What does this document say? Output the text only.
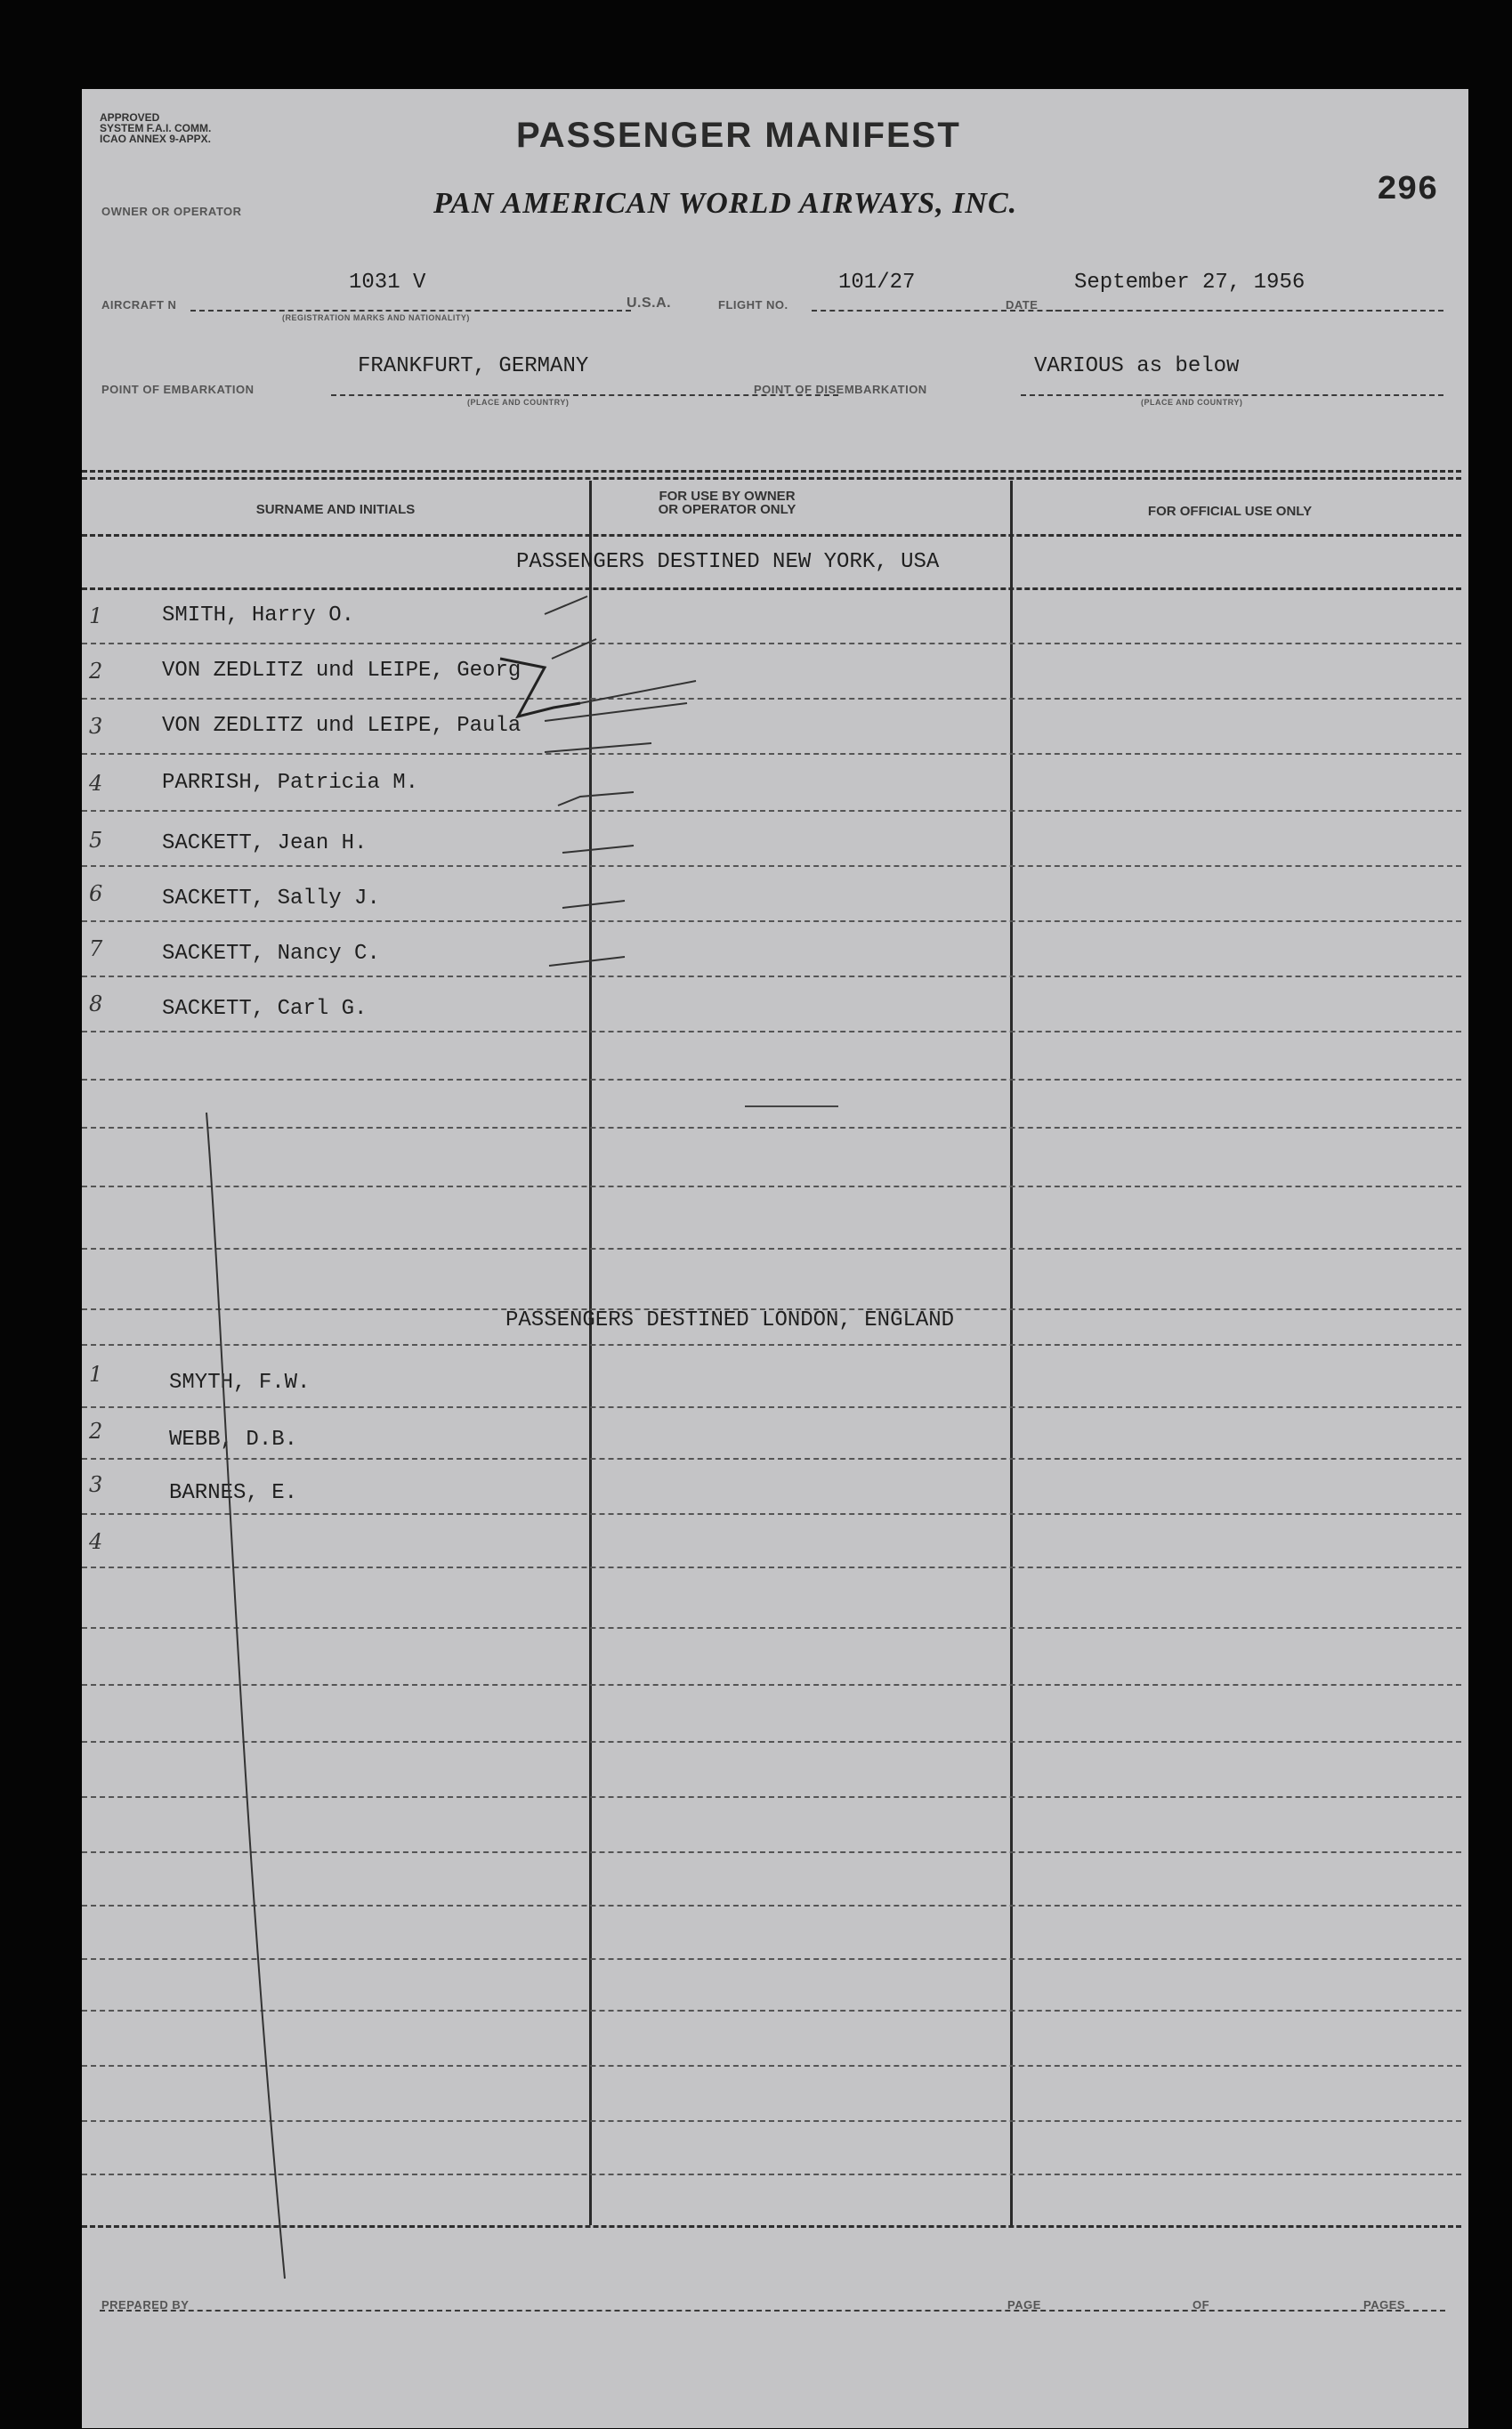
APPROVED
SYSTEM F.A.I. COMM.
ICAO ANNEX 9-APPX.	PASSENGER MANIFEST
296
OWNER OR OPERATOR	PAN AMERICAN WORLD AIRWAYS, INC.
AIRCRAFT N
1031 V
(REGISTRATION MARKS AND NATIONALITY)
U.S.A.	FLIGHT NO.
101/27
DATE
September 27, 1956
POINT OF EMBARKATION
FRANKFURT, GERMANY
(PLACE AND COUNTRY)
POINT OF DISEMBARKATION
VARIOUS as below
(PLACE AND COUNTRY)
SURNAME AND INITIALS
FOR USE BY OWNER
OR OPERATOR ONLY	FOR OFFICIAL USE ONLY
PASSENGERS DESTINED NEW YORK, USA
1	SMITH, Harry O.
2	VON ZEDLITZ und LEIPE, Georg
3	VON ZEDLITZ und LEIPE, Paula
4	PARRISH, Patricia M.
5	SACKETT, Jean H.
6	SACKETT, Sally J.
7	SACKETT, Nancy C.
8	SACKETT, Carl G.
PASSENGERS DESTINED LONDON, ENGLAND
1	SMYTH, F.W.
2	WEBB, D.B.
3	BARNES, E.
4
PREPARED BY	PAGE	OF	PAGES
